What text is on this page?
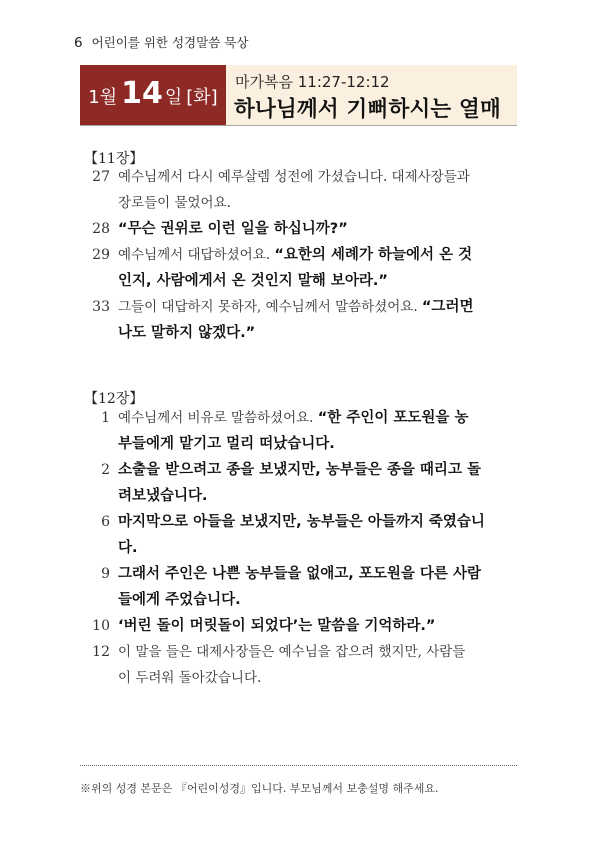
6 어린이를 위한 성경말씀 묵상
1월 14 일 [화]
마가복음 11:27-12:12
하나님께서 기뻐하시는 열매
【11장】
27 예수님께서 다시 예루살렘 성전에 가셨습니다. 대제사장들과
장로들이 물었어요.
28 “무슨 권위로 이런 일을 하십니까?”
29 예수님께서 대답하셨어요. “요한의 세례가 하늘에서 온 것
인지, 사람에게서 온 것인지 말해 보아라.”
33 그들이 대답하지 못하자, 예수님께서 말씀하셨어요. “그러면
나도 말하지 않겠다.”
【12장】
1 예수님께서 비유로 말씀하셨어요. “한 주인이 포도원을 농
부들에게 맡기고 멀리 떠났습니다.
2 소출을 받으려고 종을 보냈지만, 농부들은 종을 때리고 돌
려보냈습니다.
6 마지막으로 아들을 보냈지만, 농부들은 아들까지 죽였습니
다.
9 그래서 주인은 나쁜 농부들을 없애고, 포도원을 다른 사람
들에게 주었습니다.
10 ‘버린 돌이 머릿돌이 되었다’는 말씀을 기억하라.”
12 이 말을 들은 대제사장들은 예수님을 잡으려 했지만, 사람들
이 두려워 돌아갔습니다.
※위의 성경 본문은 『어린이성경』입니다. 부모님께서 보충설명 해주세요.
